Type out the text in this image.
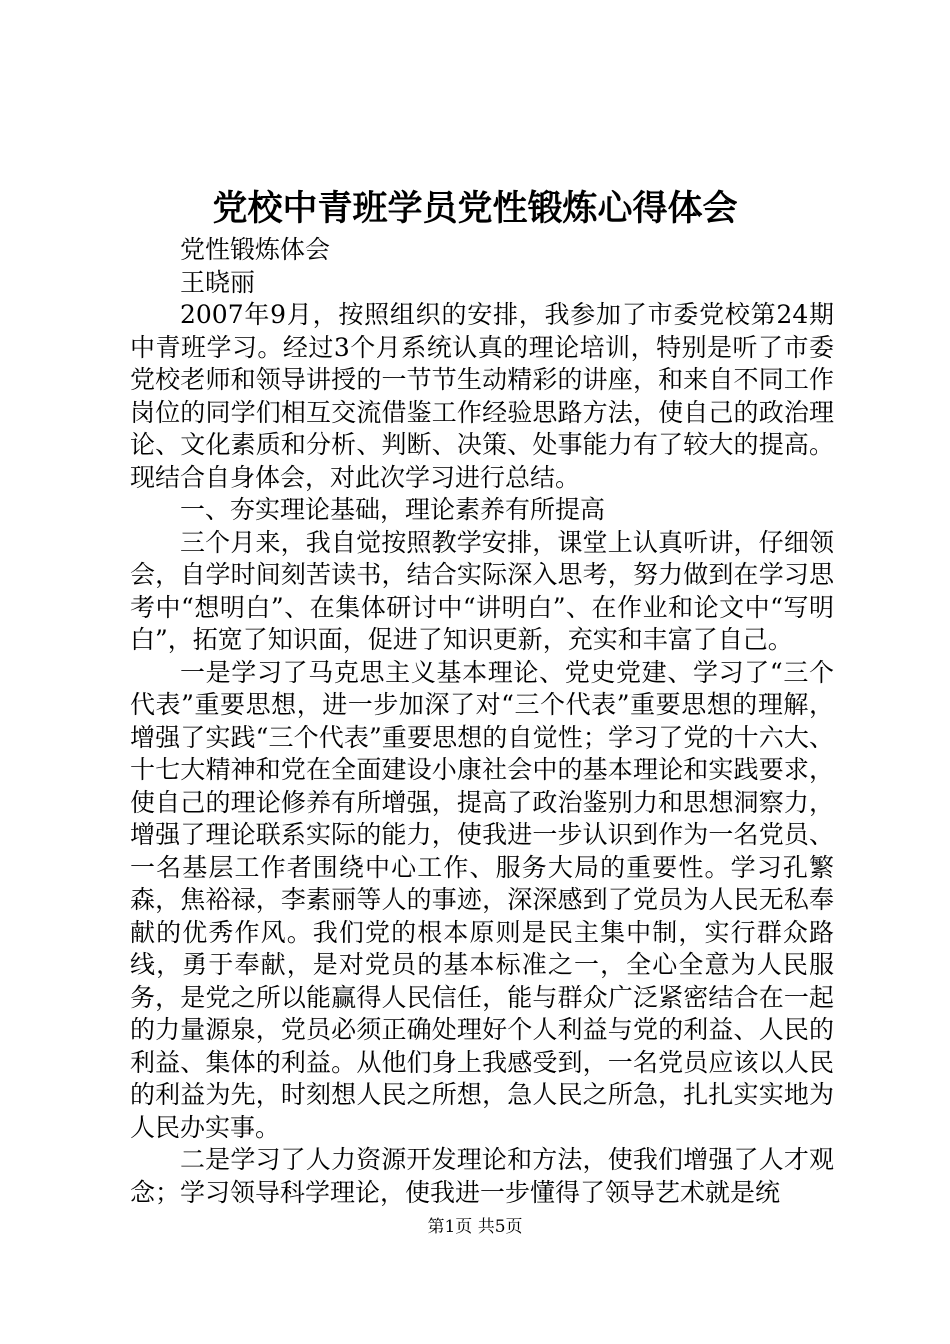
党校中青班学员党性锻炼心得体会

党性锻炼体会

王晓丽

2007年9月，按照组织的安排，我参加了市委党校第24期中青班学习。经过3个月系统认真的理论培训，特别是听了市委党校老师和领导讲授的一节节生动精彩的讲座，和来自不同工作岗位的同学们相互交流借鉴工作经验思路方法，使自己的政治理论、文化素质和分析、判断、决策、处事能力有了较大的提高。现结合自身体会，对此次学习进行总结。

一、夯实理论基础，理论素养有所提高

三个月来，我自觉按照教学安排，课堂上认真听讲，仔细领会，自学时间刻苦读书，结合实际深入思考，努力做到在学习思考中“想明白”、在集体研讨中“讲明白”、在作业和论文中“写明白”，拓宽了知识面，促进了知识更新，充实和丰富了自己。

一是学习了马克思主义基本理论、党史党建、学习了“三个代表”重要思想，进一步加深了对“三个代表”重要思想的理解，增强了实践“三个代表”重要思想的自觉性；学习了党的十六大、十七大精神和党在全面建设小康社会中的基本理论和实践要求，使自己的理论修养有所增强，提高了政治鉴别力和思想洞察力，增强了理论联系实际的能力，使我进一步认识到作为一名党员、一名基层工作者围绕中心工作、服务大局的重要性。学习孔繁森，焦裕禄，李素丽等人的事迹，深深感到了党员为人民无私奉献的优秀作风。我们党的根本原则是民主集中制，实行群众路线，勇于奉献，是对党员的基本标准之一，全心全意为人民服务，是党之所以能赢得人民信任，能与群众广泛紧密结合在一起的力量源泉，党员必须正确处理好个人利益与党的利益、人民的利益、集体的利益。从他们身上我感受到，一名党员应该以人民的利益为先，时刻想人民之所想，急人民之所急，扎扎实实地为人民办实事。

二是学习了人力资源开发理论和方法，使我们增强了人才观念；学习领导科学理论，使我进一步懂得了领导艺术就是统

第1页 共5页
